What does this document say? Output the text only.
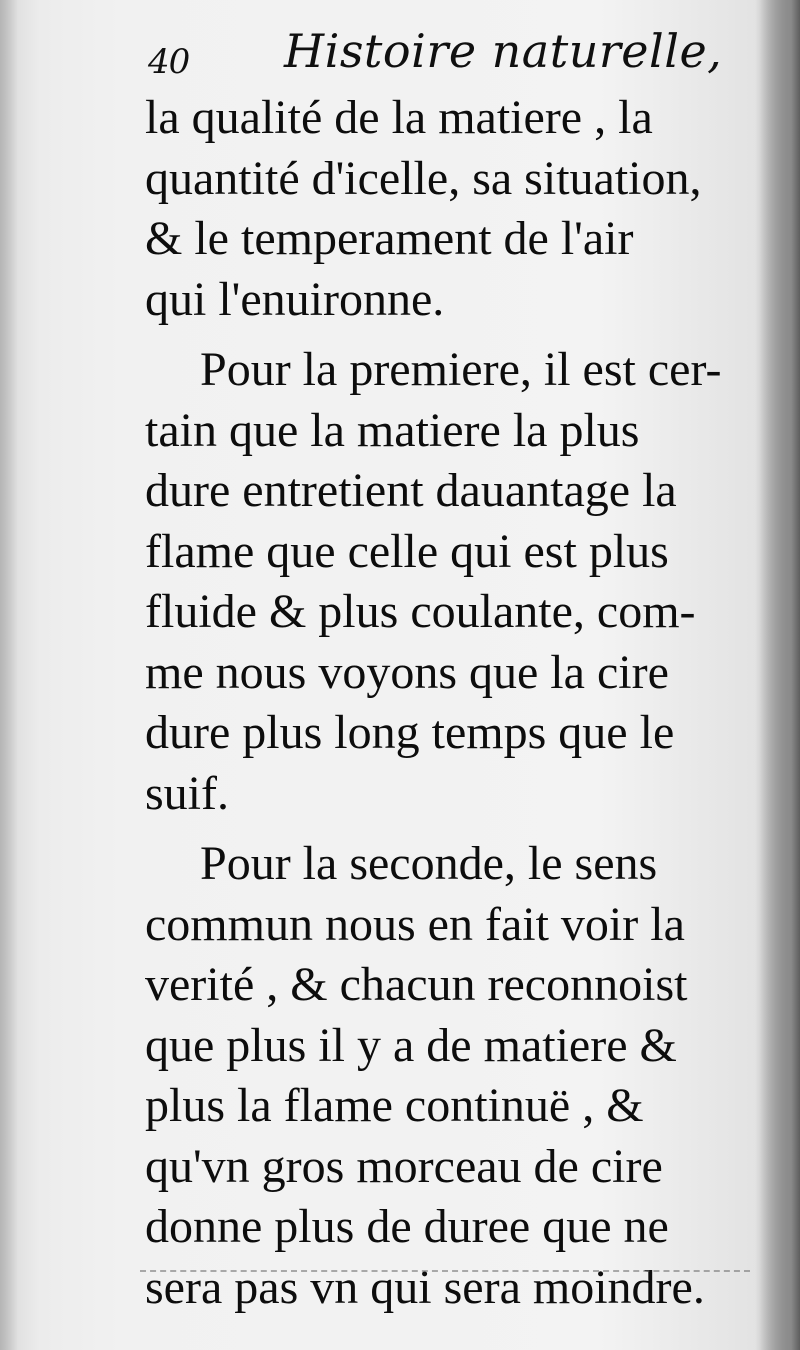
40 Histoire naturelle,
la qualité de la matiere , la
quantité d'icelle, sa situation,
& le temperament de l'air
qui l'enuironne.
Pour la premiere, il est cer-
tain que la matiere la plus
dure entretient dauantage la
flame que celle qui est plus
fluide & plus coulante, com-
me nous voyons que la cire
dure plus long temps que le
suif.
Pour la seconde, le sens
commun nous en fait voir la
verité , & chacun reconnoist
que plus il y a de matiere &
plus la flame continuë , &
qu'vn gros morceau de cire
donne plus de duree que ne
sera pas vn qui sera moindre.
